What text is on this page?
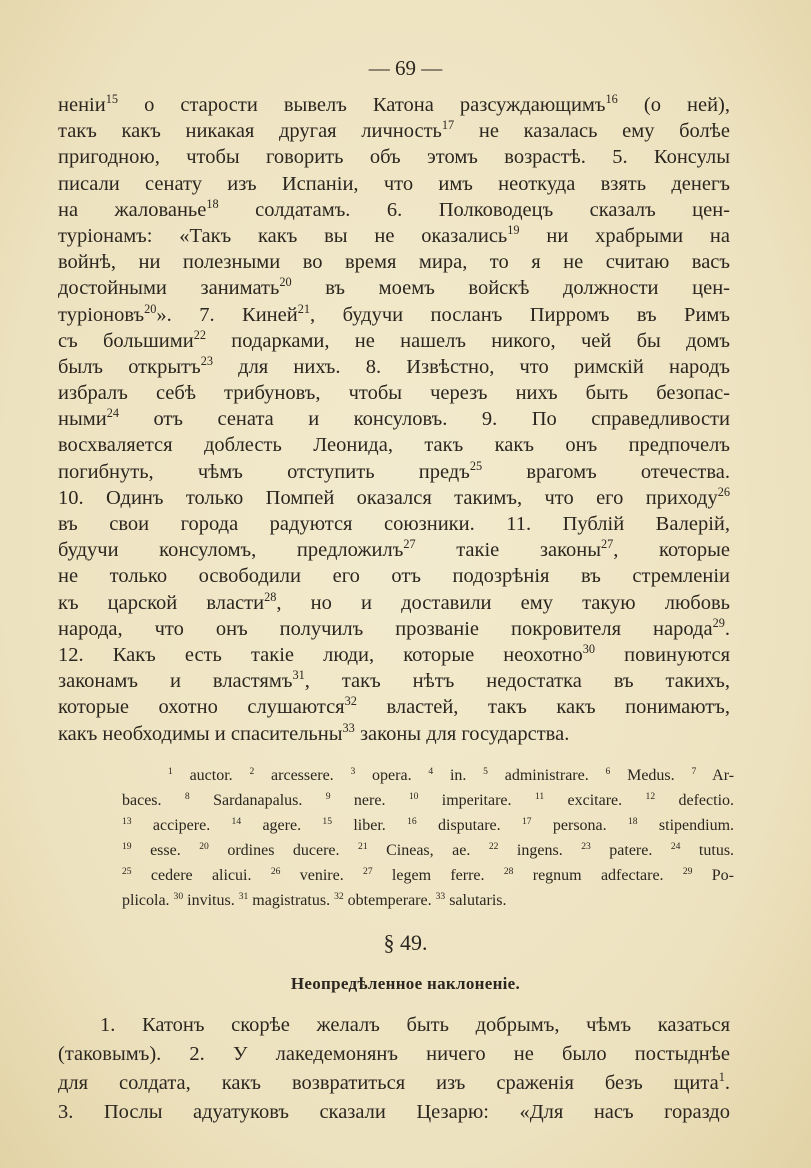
— 69 —
неніи$^{15}$ о старости вывелъ Катона разсуждающимъ$^{16}$ (о ней),
такъ какъ никакая другая личность$^{17}$ не казалась ему болѣе
пригодною, чтобы говорить объ этомъ возрастѣ. 5. Консулы
писали сенату изъ Испаніи, что имъ неоткуда взять денегъ
на жалованье$^{18}$ солдатамъ. 6. Полководецъ сказалъ цен-
туріонамъ: «Такъ какъ вы не оказались$^{19}$ ни храбрыми на
войнѣ, ни полезными во время мира, то я не считаю васъ
достойными занимать$^{20}$ въ моемъ войскѣ должности цен-
туріоновъ$^{20}$». 7. Киней$^{21}$, будучи посланъ Пирромъ въ Римъ
съ большими$^{22}$ подарками, не нашелъ никого, чей бы домъ
былъ открытъ$^{23}$ для нихъ. 8. Извѣстно, что римскій народъ
избралъ себѣ трибуновъ, чтобы черезъ нихъ быть безопас-
ными$^{24}$ отъ сената и консуловъ. 9. По справедливости
восхваляется доблесть Леонида, такъ какъ онъ предпочелъ
погибнуть, чѣмъ отступить предъ$^{25}$ врагомъ отечества.
10. Одинъ только Помпей оказался такимъ, что его приходу$^{26}$
въ свои города радуются союзники. 11. Публій Валерій,
будучи консуломъ, предложилъ$^{27}$ такіе законы$^{27}$, которые
не только освободили его отъ подозрѣнія въ стремленіи
къ царской власти$^{28}$, но и доставили ему такую любовь
народа, что онъ получилъ прозваніе покровителя народа$^{29}$.
12. Какъ есть такіе люди, которые неохотно$^{30}$ повинуются
законамъ и властямъ$^{31}$, такъ нѣтъ недостатка въ такихъ,
которые охотно слушаются$^{32}$ властей, такъ какъ понимаютъ,
какъ необходимы и спасительны$^{33}$ законы для государства.
$^1$ auctor. $^2$ arcessere. $^3$ opera. $^4$ in. $^5$ administrare. $^6$ Medus. $^7$ Ar-
baces. $^8$ Sardanapalus. $^9$ nere. $^{10}$ imperitare. $^{11}$ excitare. $^{12}$ defectio.
$^{13}$ accipere. $^{14}$ agere. $^{15}$ liber. $^{16}$ disputare. $^{17}$ persona. $^{18}$ stipendium.
$^{19}$ esse. $^{20}$ ordines ducere. $^{21}$ Cineas, ae. $^{22}$ ingens. $^{23}$ patere. $^{24}$ tutus.
$^{25}$ cedere alicui. $^{26}$ venire. $^{27}$ legem ferre. $^{28}$ regnum adfectare. $^{29}$ Po-
plicola. $^{30}$ invitus. $^{31}$ magistratus. $^{32}$ obtemperare. $^{33}$ salutaris.
§ 49.
Неопредѣленное наклоненіе.
1. Катонъ скорѣе желалъ быть добрымъ, чѣмъ казаться
(таковымъ). 2. У лакедемонянъ ничего не было постыднѣе
для солдата, какъ возвратиться изъ сраженія безъ щита$^1$.
3. Послы адуатуковъ сказали Цезарю: «Для насъ гораздо
